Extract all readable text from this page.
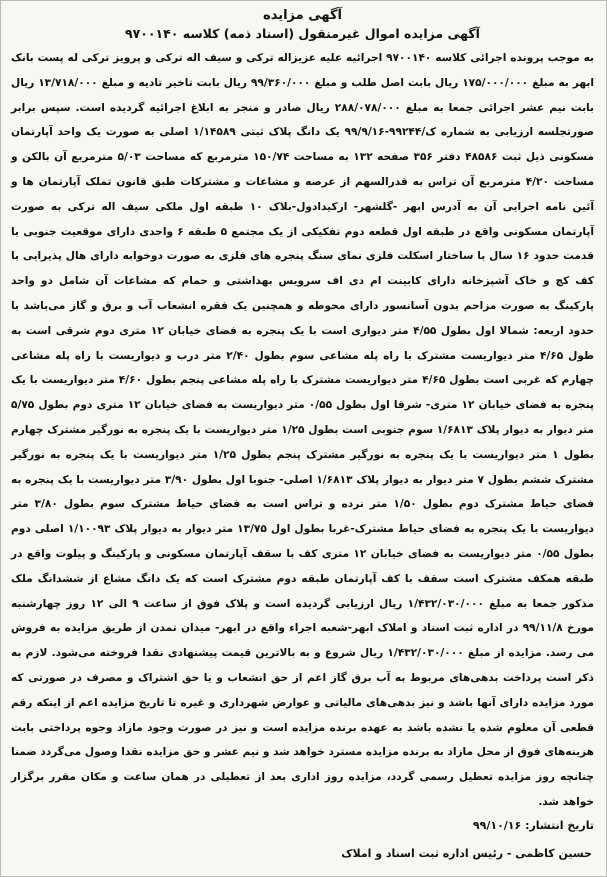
آگهی مزایده

آگهی مزایده اموال غیرمنقول (اسناد ذمه) کلاسه ۹۷۰۰۱۴۰

به موجب پرونده اجرائی کلاسه ۹۷۰۰۱۴۰ اجرائیه علیه عزیزاله ترکی و سیف اله ترکی و پرویز ترکی له پست بانک ابهر به مبلغ ۱۷۵/۰۰۰/۰۰۰ ریال بابت اصل طلب و مبلغ ۹۹/۳۶۰/۰۰۰ ریال بابت تاخیر تادیه و مبلغ ۱۳/۷۱۸/۰۰۰ ریال بابت نیم عشر اجرائی جمعا به مبلغ ۲۸۸/۰۷۸/۰۰۰ ریال صادر و منجر به ابلاغ اجرائیه گردیده است. سپس برابر صورتجلسه ارزیابی به شماره ک/۹۹۲۴۴-۹۹/۹/۱۶ یک دانگ پلاک ثبتی ۱/۱۴۵۸۹ اصلی به صورت یک واحد آپارتمان مسکونی ذیل ثبت ۴۸۵۸۶ دفتر ۳۵۶ صفحه ۱۳۲ به مساحت ۱۵۰/۷۴ مترمربع که مساحت ۵/۰۳ مترمربع آن بالکن و مساحت ۴/۲۰ مترمربع آن تراس به قدرالسهم از عرصه و مشاعات و مشترکات طبق قانون تملک آپارتمان ها و آئین نامه اجرایی آن به آدرس ابهر -گلشهر- ارکیدادول-بلاک ۱۰ طبقه اول ملکی سیف اله ترکی به صورت آپارتمان مسکونی واقع در طبقه اول قطعه دوم تفکیکی از یک مجتمع ۵ طبقه ۶ واحدی دارای موقعیت جنوبی با قدمت حدود ۱۶ سال با ساختار اسکلت فلزی نمای سنگ پنجره های فلزی به صورت دوخوابه دارای هال پذیرایی با کف کچ و خاک آشپزخانه دارای کابینت ام دی اف سرویس بهداشتی و حمام که مشاعات آن شامل دو واحد پارکینگ به صورت مزاحم بدون آسانسور دارای محوطه و همچنین یک فقره انشعاب آب و برق و گاز می‌باشد با حدود اربعه: شمالا اول بطول ۴/۵۵ متر دیواری است با یک پنجره به فضای خیابان ۱۲ متری دوم شرقی است به طول ۴/۶۵ متر دیواریست مشترک با راه پله مشاعی سوم بطول ۲/۴۰ متر درب و دیواریست با راه پله مشاعی چهارم که غربی است بطول ۴/۶۵ متر دیواریست مشترک با راه پله مشاعی پنجم بطول ۴/۶۰ متر دیواریست با یک پنجره به فضای خیابان ۱۲ متری- شرقا اول بطول ۰/۵۵ متر دیواریست به فضای خیابان ۱۲ متری دوم بطول ۵/۷۵ متر دیوار به دیوار پلاک ۱/۶۸۱۳ سوم جنوبی است بطول ۱/۲۵ متر دیواریست با یک پنجره به نورگیر مشترک چهارم بطول ۱ متر دیواریست با یک پنجره به نورگیر مشترک پنجم بطول ۱/۲۵ متر دیواریست با یک پنجره به نورگیر مشترک ششم بطول ۷ متر دیوار به دیوار پلاک ۱/۶۸۱۳ اصلی- جنوبا اول بطول ۳/۹۰ متر دیواریست با یک پنجره به فضای حیاط مشترک دوم بطول ۱/۵۰ متر نرده و تراس است به فضای حیاط مشترک سوم بطول ۳/۸۰ متر دیواریست با یک پنجره به فضای حیاط مشترک-غربا بطول اول ۱۳/۷۵ متر دیوار به دیوار پلاک ۱/۱۰۰۹۳ اصلی دوم بطول ۰/۵۵ متر دیواریست به فضای خیابان ۱۲ متری کف با سقف آپارتمان مسکونی و پارکینگ و پیلوت واقع در طبقه همکف مشترک است سقف با کف آپارتمان طبقه دوم مشترک است که یک دانگ مشاع از ششدانگ ملک مذکور جمعا به مبلغ ۱/۴۳۲/۰۳۰/۰۰۰ ریال ارزیابی گردیده است و پلاک فوق از ساعت ۹ الی ۱۲ روز چهارشنبه مورخ ۹۹/۱۱/۸ در اداره ثبت اسناد و املاک ابهر-شعبه اجراء واقع در ابهر- میدان تمدن از طریق مزایده به فروش می رسد. مزایده از مبلغ ۱/۴۳۲/۰۳۰/۰۰۰ ریال شروع و به بالاترین قیمت پیشنهادی نقدا فروخته می‌شود. لازم به ذکر است پرداخت بدهی‌های مربوط به آب برق گاز اعم از حق انشعاب و یا حق اشتراک و مصرف در صورتی که مورد مزایده دارای آنها باشد و نیز بدهی‌های مالیاتی و عوارض شهرداری و غیره تا تاریخ مزایده اعم از اینکه رقم قطعی آن معلوم شده یا نشده باشد به عهده برنده مزایده است و نیز در صورت وجود مازاد وجوه پرداختی بابت هزینه‌های فوق از محل مازاد به برنده مزایده مسترد خواهد شد و نیم عشر و حق مزایده نقدا وصول می‌گردد ضمنا چنانچه روز مزایده تعطیل رسمی گردد، مزایده روز اداری بعد از تعطیلی در همان ساعت و مکان مقرر برگزار خواهد شد.

تاریخ انتشار: ۹۹/۱۰/۱۶

حسین کاظمی - رئیس اداره ثبت اسناد و املاک
